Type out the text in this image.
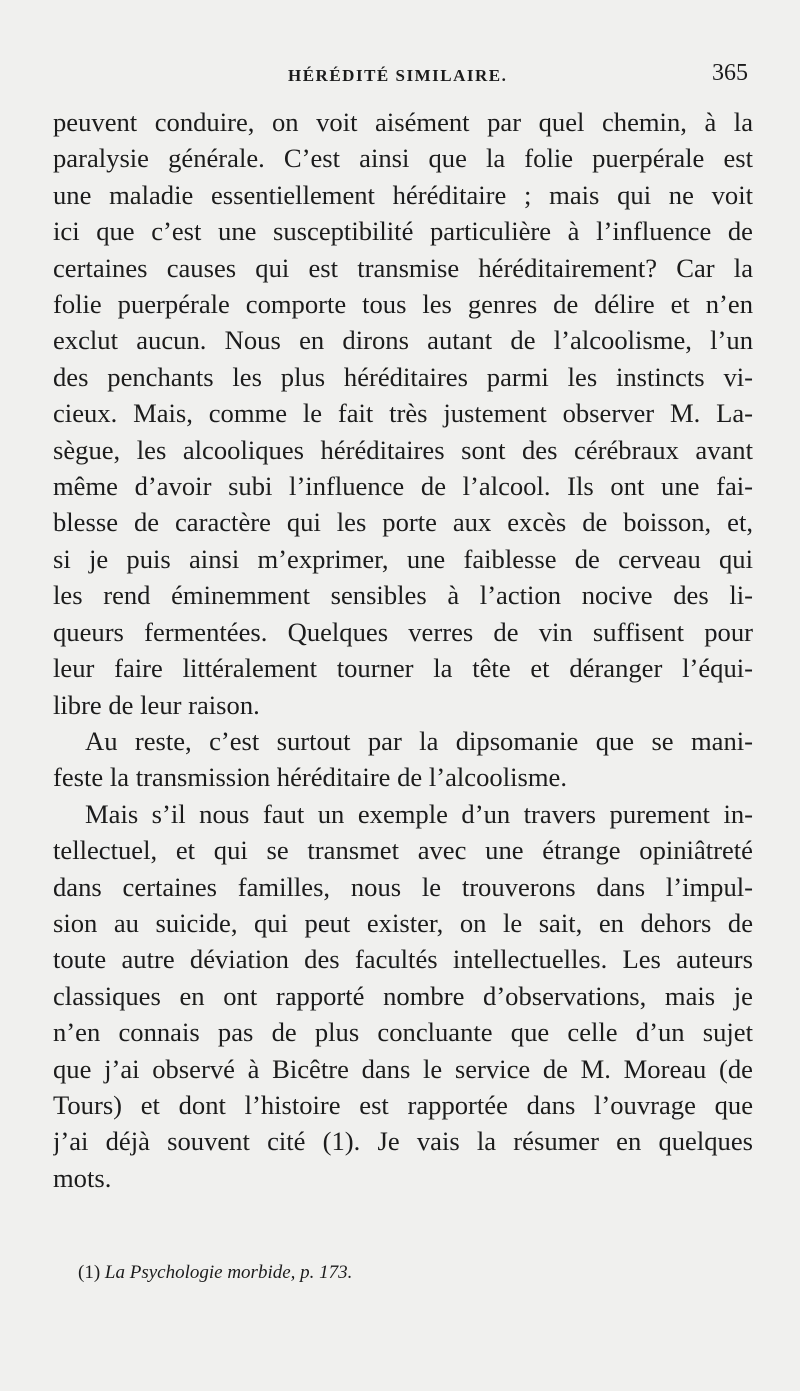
HÉRÉDITÉ SIMILAIRE.	365
peuvent conduire, on voit aisément par quel chemin, à la
paralysie générale. C’est ainsi que la folie puerpérale est
une maladie essentiellement héréditaire ; mais qui ne voit
ici que c’est une susceptibilité particulière à l’influence de
certaines causes qui est transmise héréditairement? Car la
folie puerpérale comporte tous les genres de délire et n’en
exclut aucun. Nous en dirons autant de l’alcoolisme, l’un
des penchants les plus héréditaires parmi les instincts vi-
cieux. Mais, comme le fait très justement observer M. La-
sègue, les alcooliques héréditaires sont des cérébraux avant
même d’avoir subi l’influence de l’alcool. Ils ont une fai-
blesse de caractère qui les porte aux excès de boisson, et,
si je puis ainsi m’exprimer, une faiblesse de cerveau qui
les rend éminemment sensibles à l’action nocive des li-
queurs fermentées. Quelques verres de vin suffisent pour
leur faire littéralement tourner la tête et déranger l’équi-
libre de leur raison.
Au reste, c’est surtout par la dipsomanie que se mani-
feste la transmission héréditaire de l’alcoolisme.
Mais s’il nous faut un exemple d’un travers purement in-
tellectuel, et qui se transmet avec une étrange opiniâtreté
dans certaines familles, nous le trouverons dans l’impul-
sion au suicide, qui peut exister, on le sait, en dehors de
toute autre déviation des facultés intellectuelles. Les auteurs
classiques en ont rapporté nombre d’observations, mais je
n’en connais pas de plus concluante que celle d’un sujet
que j’ai observé à Bicêtre dans le service de M. Moreau (de
Tours) et dont l’histoire est rapportée dans l’ouvrage que
j’ai déjà souvent cité (1). Je vais la résumer en quelques
mots.
(1) La Psychologie morbide, p. 173.
